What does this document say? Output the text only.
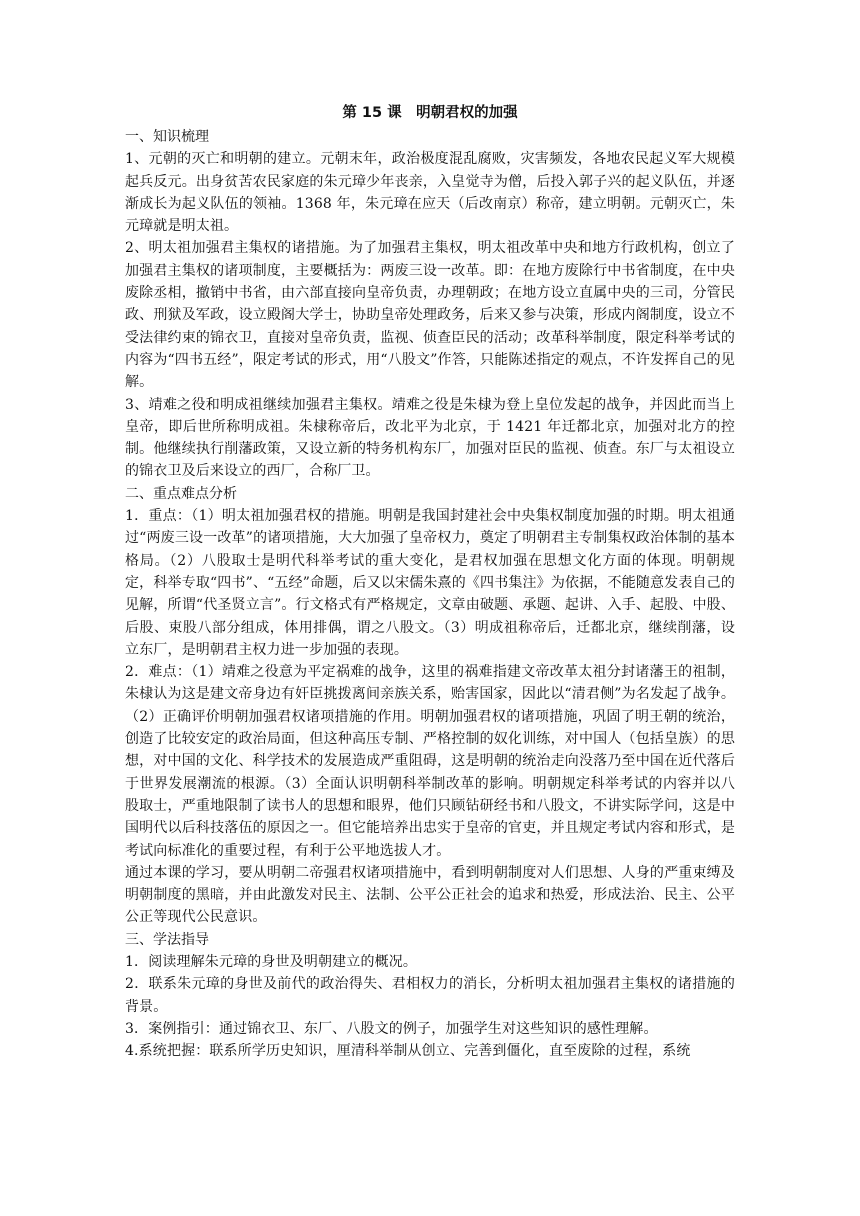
第 15 课　明朝君权的加强
一、知识梳理
1、元朝的灭亡和明朝的建立。元朝末年，政治极度混乱腐败，灾害频发，各地农民起义军大规模起兵反元。出身贫苦农民家庭的朱元璋少年丧亲，入皇觉寺为僧，后投入郭子兴的起义队伍，并逐渐成长为起义队伍的领袖。1368 年，朱元璋在应天（后改南京）称帝，建立明朝。元朝灭亡，朱元璋就是明太祖。
2、明太祖加强君主集权的诸措施。为了加强君主集权，明太祖改革中央和地方行政机构，创立了加强君主集权的诸项制度，主要概括为：两废三设一改革。即：在地方废除行中书省制度，在中央废除丞相，撤销中书省，由六部直接向皇帝负责，办理朝政；在地方设立直属中央的三司，分管民政、刑狱及军政，设立殿阁大学士，协助皇帝处理政务，后来又参与决策，形成内阁制度，设立不受法律约束的锦衣卫，直接对皇帝负责，监视、侦查臣民的活动；改革科举制度，限定科举考试的内容为“四书五经”，限定考试的形式，用“八股文”作答，只能陈述指定的观点，不许发挥自己的见解。
3、靖难之役和明成祖继续加强君主集权。靖难之役是朱棣为登上皇位发起的战争，并因此而当上皇帝，即后世所称明成祖。朱棣称帝后，改北平为北京，于 1421 年迁都北京，加强对北方的控制。他继续执行削藩政策，又设立新的特务机构东厂，加强对臣民的监视、侦查。东厂与太祖设立的锦衣卫及后来设立的西厂，合称厂卫。
二、重点难点分析
1．重点：（1）明太祖加强君权的措施。明朝是我国封建社会中央集权制度加强的时期。明太祖通过“两废三设一改革”的诸项措施，大大加强了皇帝权力，奠定了明朝君主专制集权政治体制的基本格局。（2）八股取士是明代科举考试的重大变化，是君权加强在思想文化方面的体现。明朝规定，科举专取“四书”、“五经”命题，后又以宋儒朱熹的《四书集注》为依据，不能随意发表自己的见解，所谓“代圣贤立言”。行文格式有严格规定，文章由破题、承题、起讲、入手、起股、中股、后股、束股八部分组成，体用排偶，谓之八股文。（3）明成祖称帝后，迁都北京，继续削藩，设立东厂，是明朝君主权力进一步加强的表现。
2．难点：（1）靖难之役意为平定祸难的战争，这里的祸难指建文帝改革太祖分封诸藩王的祖制，朱棣认为这是建文帝身边有奸臣挑拨离间亲族关系，贻害国家，因此以“清君侧”为名发起了战争。（2）正确评价明朝加强君权诸项措施的作用。明朝加强君权的诸项措施，巩固了明王朝的统治，创造了比较安定的政治局面，但这种高压专制、严格控制的奴化训练，对中国人（包括皇族）的思想，对中国的文化、科学技术的发展造成严重阻碍，这是明朝的统治走向没落乃至中国在近代落后于世界发展潮流的根源。（3）全面认识明朝科举制改革的影响。明朝规定科举考试的内容并以八股取士，严重地限制了读书人的思想和眼界，他们只顾钻研经书和八股文，不讲实际学问，这是中国明代以后科技落伍的原因之一。但它能培养出忠实于皇帝的官吏，并且规定考试内容和形式，是考试向标准化的重要过程，有利于公平地选拔人才。
通过本课的学习，要从明朝二帝强君权诸项措施中，看到明朝制度对人们思想、人身的严重束缚及明朝制度的黑暗，并由此激发对民主、法制、公平公正社会的追求和热爱，形成法治、民主、公平公正等现代公民意识。
三、学法指导
1．阅读理解朱元璋的身世及明朝建立的概况。
2．联系朱元璋的身世及前代的政治得失、君相权力的消长，分析明太祖加强君主集权的诸措施的背景。
3．案例指引：通过锦衣卫、东厂、八股文的例子，加强学生对这些知识的感性理解。
4.系统把握：联系所学历史知识，厘清科举制从创立、完善到僵化，直至废除的过程，系统
